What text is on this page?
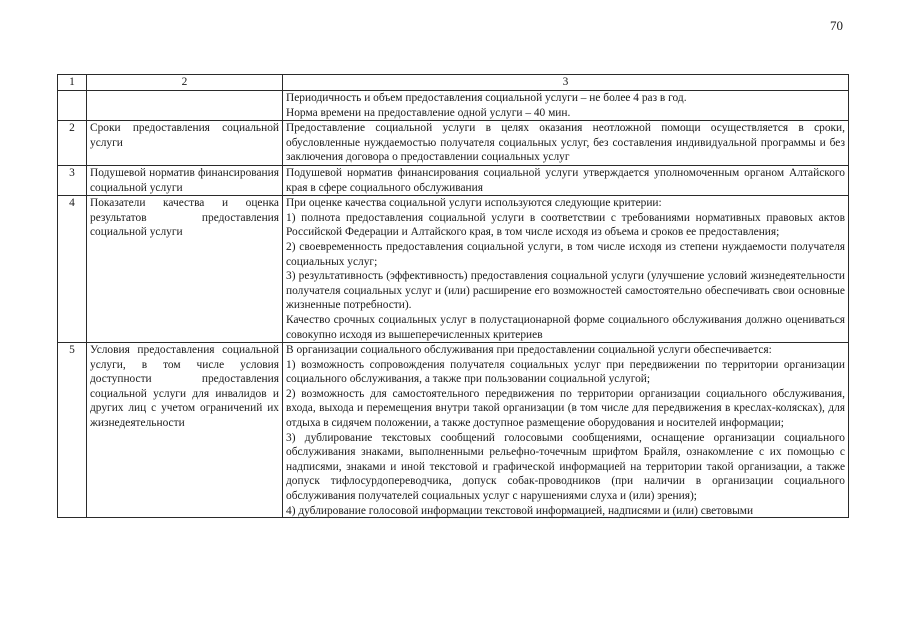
70
1	2	3

		Периодичность и объем предоставления социальной услуги – не более 4 раз в год.
Норма времени на предоставление одной услуги – 40 мин.

2	Сроки предоставления социальной услуги	Предоставление социальной услуги в целях оказания неотложной помощи осуществляется в сроки, обусловленные нуждаемостью получателя социальных услуг, без составления индивидуальной программы и без заключения договора о предоставлении социальных услуг

3	Подушевой норматив финансирования социальной услуги	Подушевой норматив финансирования социальной услуги утверждается уполномоченным органом Алтайского края в сфере социального обслуживания

4	Показатели качества и оценка результатов предоставления социальной услуги	При оценке качества социальной услуги используются следующие критерии:
1) полнота предоставления социальной услуги в соответствии с требованиями нормативных правовых актов Российской Федерации и Алтайского края, в том числе исходя из объема и сроков ее предоставления;
2) своевременность предоставления социальной услуги, в том числе исходя из степени нуждаемости получателя социальных услуг;
3) результативность (эффективность) предоставления социальной услуги (улучшение условий жизнедеятельности получателя социальных услуг и (или) расширение его возможностей самостоятельно обеспечивать свои основные жизненные потребности).
Качество срочных социальных услуг в полустационарной форме социального обслуживания должно оцениваться совокупно исходя из вышеперечисленных критериев

5	Условия предоставления социальной услуги, в том числе условия доступности предоставления социальной услуги для инвалидов и других лиц с учетом ограничений их жизнедеятельности	В организации социального обслуживания при предоставлении социальной услуги обеспечивается:
1) возможность сопровождения получателя социальных услуг при передвижении по территории организации социального обслуживания, а также при пользовании социальной услугой;
2) возможность для самостоятельного передвижения по территории организации социального обслуживания, входа, выхода и перемещения внутри такой организации (в том числе для передвижения в креслах-колясках), для отдыха в сидячем положении, а также доступное размещение оборудования и носителей информации;
3) дублирование текстовых сообщений голосовыми сообщениями, оснащение организации социального обслуживания знаками, выполненными рельефно-точечным шрифтом Брайля, ознакомление с их помощью с надписями, знаками и иной текстовой и графической информацией на территории такой организации, а также допуск тифлосурдопереводчика, допуск собак-проводников (при наличии в организации социального обслуживания получателей социальных услуг с нарушениями слуха и (или) зрения);
4) дублирование голосовой информации текстовой информацией, надписями и (или) световыми
